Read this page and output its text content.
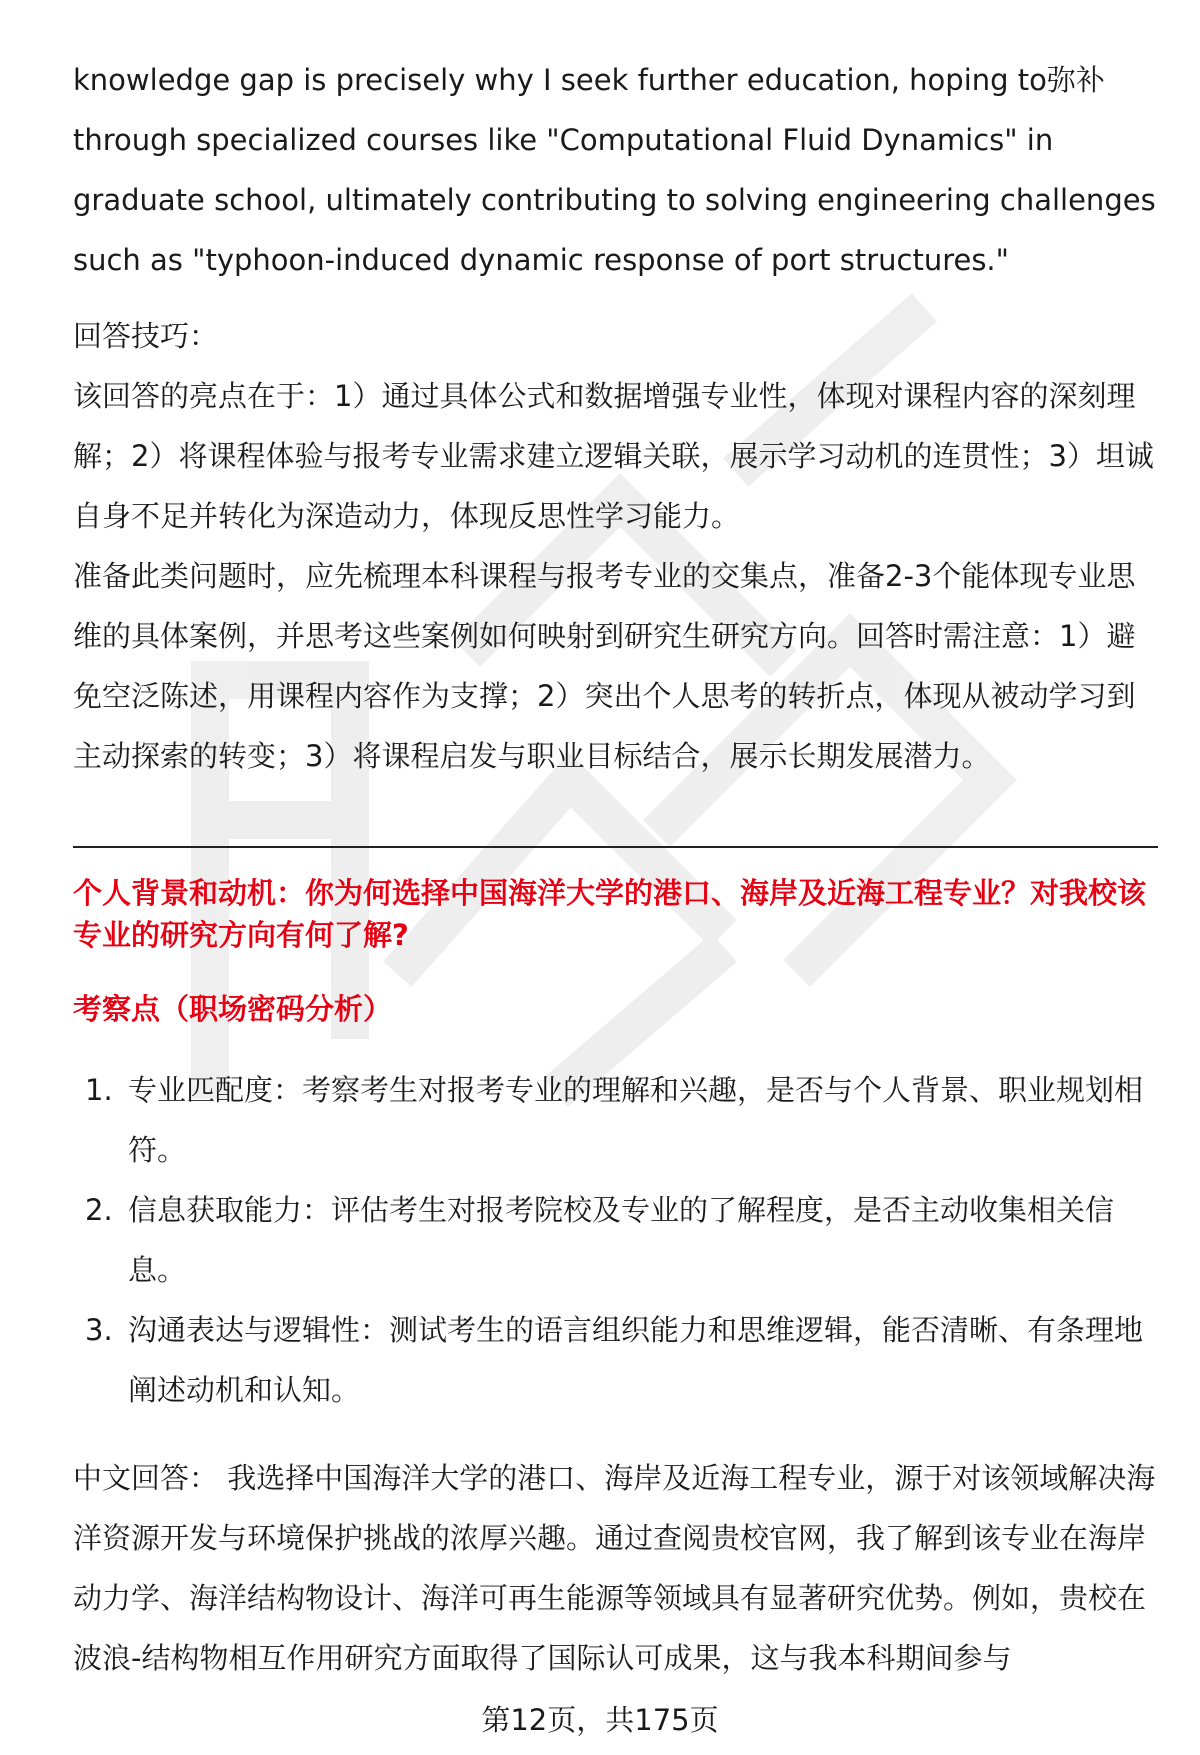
knowledge gap is precisely why I seek further education, hoping to弥补 through specialized courses like "Computational Fluid Dynamics" in graduate school, ultimately contributing to solving engineering challenges such as "typhoon-induced dynamic response of port structures."

回答技巧：

该回答的亮点在于：1）通过具体公式和数据增强专业性，体现对课程内容的深刻理解；2）将课程体验与报考专业需求建立逻辑关联，展示学习动机的连贯性；3）坦诚自身不足并转化为深造动力，体现反思性学习能力。

准备此类问题时，应先梳理本科课程与报考专业的交集点，准备2-3个能体现专业思维的具体案例，并思考这些案例如何映射到研究生研究方向。回答时需注意：1）避免空泛陈述，用课程内容作为支撑；2）突出个人思考的转折点，体现从被动学习到主动探索的转变；3）将课程启发与职业目标结合，展示长期发展潜力。

个人背景和动机：你为何选择中国海洋大学的港口、海岸及近海工程专业？对我校该专业的研究方向有何了解?

考察点（职场密码分析）

1. 专业匹配度：考察考生对报考专业的理解和兴趣，是否与个人背景、职业规划相符。
2. 信息获取能力：评估考生对报考院校及专业的了解程度，是否主动收集相关信息。
3. 沟通表达与逻辑性：测试考生的语言组织能力和思维逻辑，能否清晰、有条理地阐述动机和认知。

中文回答： 我选择中国海洋大学的港口、海岸及近海工程专业，源于对该领域解决海洋资源开发与环境保护挑战的浓厚兴趣。通过查阅贵校官网，我了解到该专业在海岸动力学、海洋结构物设计、海洋可再生能源等领域具有显著研究优势。例如，贵校在波浪-结构物相互作用研究方面取得了国际认可成果，这与我本科期间参与

第12页，共175页
